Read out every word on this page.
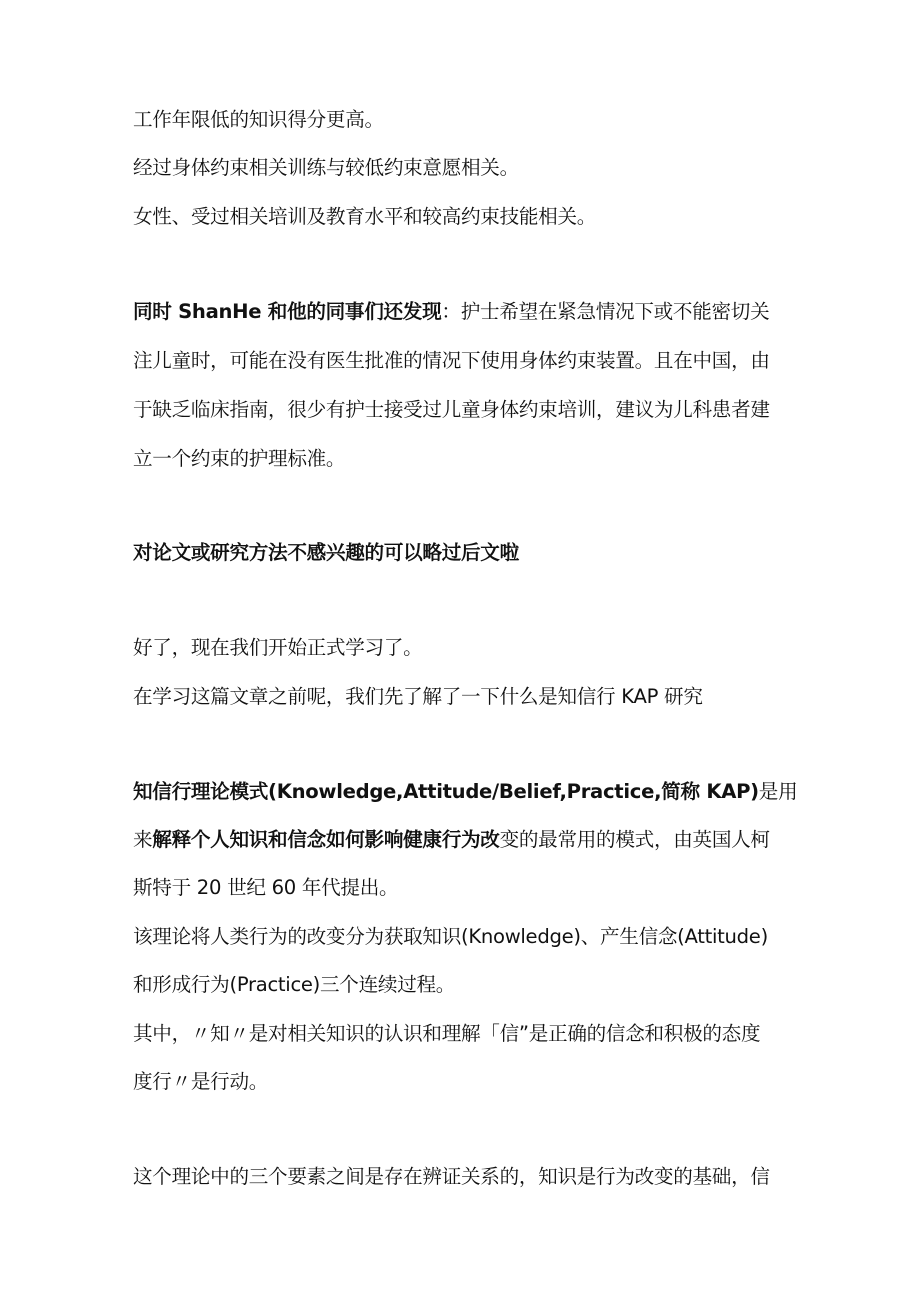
工作年限低的知识得分更高。
经过身体约束相关训练与较低约束意愿相关。
女性、受过相关培训及教育水平和较高约束技能相关。
同时 ShanHe 和他的同事们还发现：护士希望在紧急情况下或不能密切关
注儿童时，可能在没有医生批准的情况下使用身体约束装置。且在中国，由
于缺乏临床指南，很少有护士接受过儿童身体约束培训，建议为儿科患者建
立一个约束的护理标准。
对论文或研究方法不感兴趣的可以略过后文啦
好了，现在我们开始正式学习了。
在学习这篇文章之前呢，我们先了解了一下什么是知信行 KAP 研究
知信行理论模式(Knowledge,Attitude/Belief,Practice,简称 KAP)是用
来解释个人知识和信念如何影响健康行为改变的最常用的模式，由英国人柯
斯特于 20 世纪 60 年代提出。
该理论将人类行为的改变分为获取知识(Knowledge)、产生信念(Attitude)
和形成行为(Practice)三个连续过程。
其中，〃知〃是对相关知识的认识和理解「信”是正确的信念和积极的态度
度行〃是行动。
这个理论中的三个要素之间是存在辨证关系的，知识是行为改变的基础，信
